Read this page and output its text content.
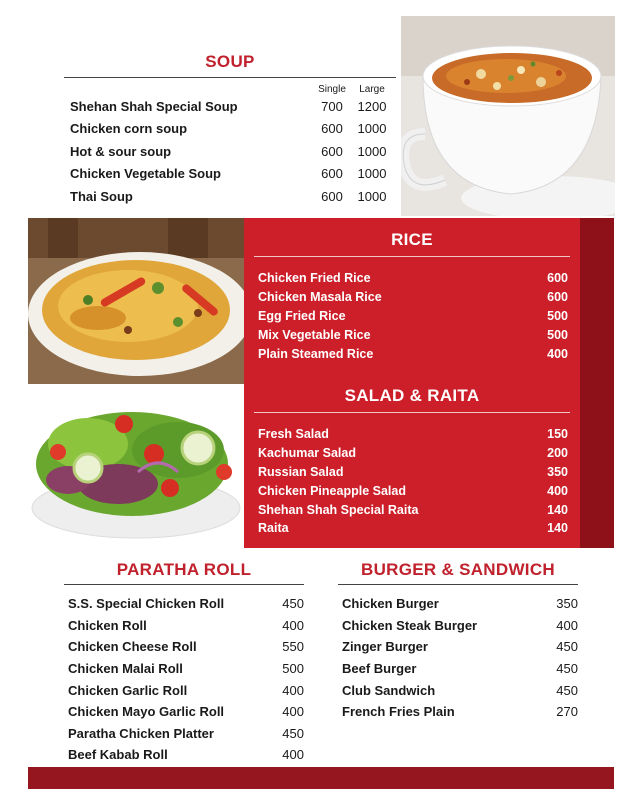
SOUP
Single	Large
Shehan Shah Special Soup	700	1200
Chicken corn soup	600	1000
Hot & sour soup	600	1000
Chicken Vegetable Soup	600	1000
Thai Soup	600	1000
RICE
Chicken Fried Rice	600
Chicken Masala Rice	600
Egg Fried Rice	500
Mix Vegetable Rice	500
Plain Steamed Rice	400
SALAD & RAITA
Fresh Salad	150
Kachumar Salad	200
Russian Salad	350
Chicken Pineapple Salad	400
Shehan Shah Special Raita	140
Raita	140
PARATHA ROLL
S.S. Special Chicken Roll	450
Chicken Roll	400
Chicken Cheese Roll	550
Chicken Malai Roll	500
Chicken Garlic Roll	400
Chicken Mayo Garlic Roll	400
Paratha Chicken Platter	450
Beef Kabab Roll	400
BURGER & SANDWICH
Chicken Burger	350
Chicken Steak Burger	400
Zinger Burger	450
Beef Burger	450
Club Sandwich	450
French Fries Plain	270
